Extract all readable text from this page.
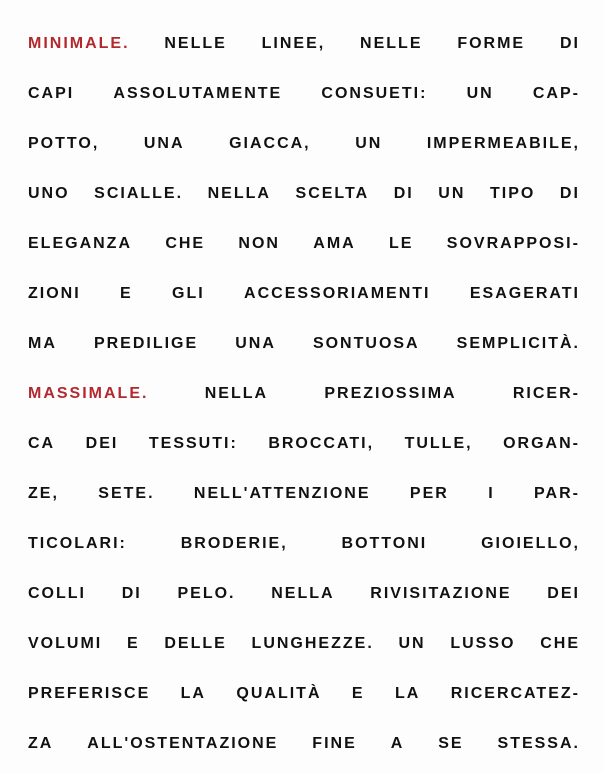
MINIMALE. NELLE LINEE, NELLE FORME DI
CAPI ASSOLUTAMENTE CONSUETI: UN CAP-
POTTO,	UNA	GIACCA,	UN	IMPERMEABILE,
UNO SCIALLE. NELLA SCELTA DI UN TIPO DI
ELEGANZA CHE NON AMA LE SOVRAPPOSI-
ZIONI E GLI ACCESSORIAMENTI ESAGERATI
MA PREDILIGE UNA SONTUOSA SEMPLICITÀ.
MASSIMALE.	NELLA	PREZIOSSIMA	RICER-
CA DEI TESSUTI: BROCCATI, TULLE, ORGAN-
ZE, SETE. NELL'ATTENZIONE PER I PAR-
TICOLARI:	BRODERIE,	BOTTONI	GIOIELLO,
COLLI DI PELO. NELLA RIVISITAZIONE DEI
VOLUMI E DELLE LUNGHEZZE. UN LUSSO CHE
PREFERISCE LA QUALITÀ E LA RICERCATEZ-
ZA ALL'OSTENTAZIONE FINE A SE STESSA.
